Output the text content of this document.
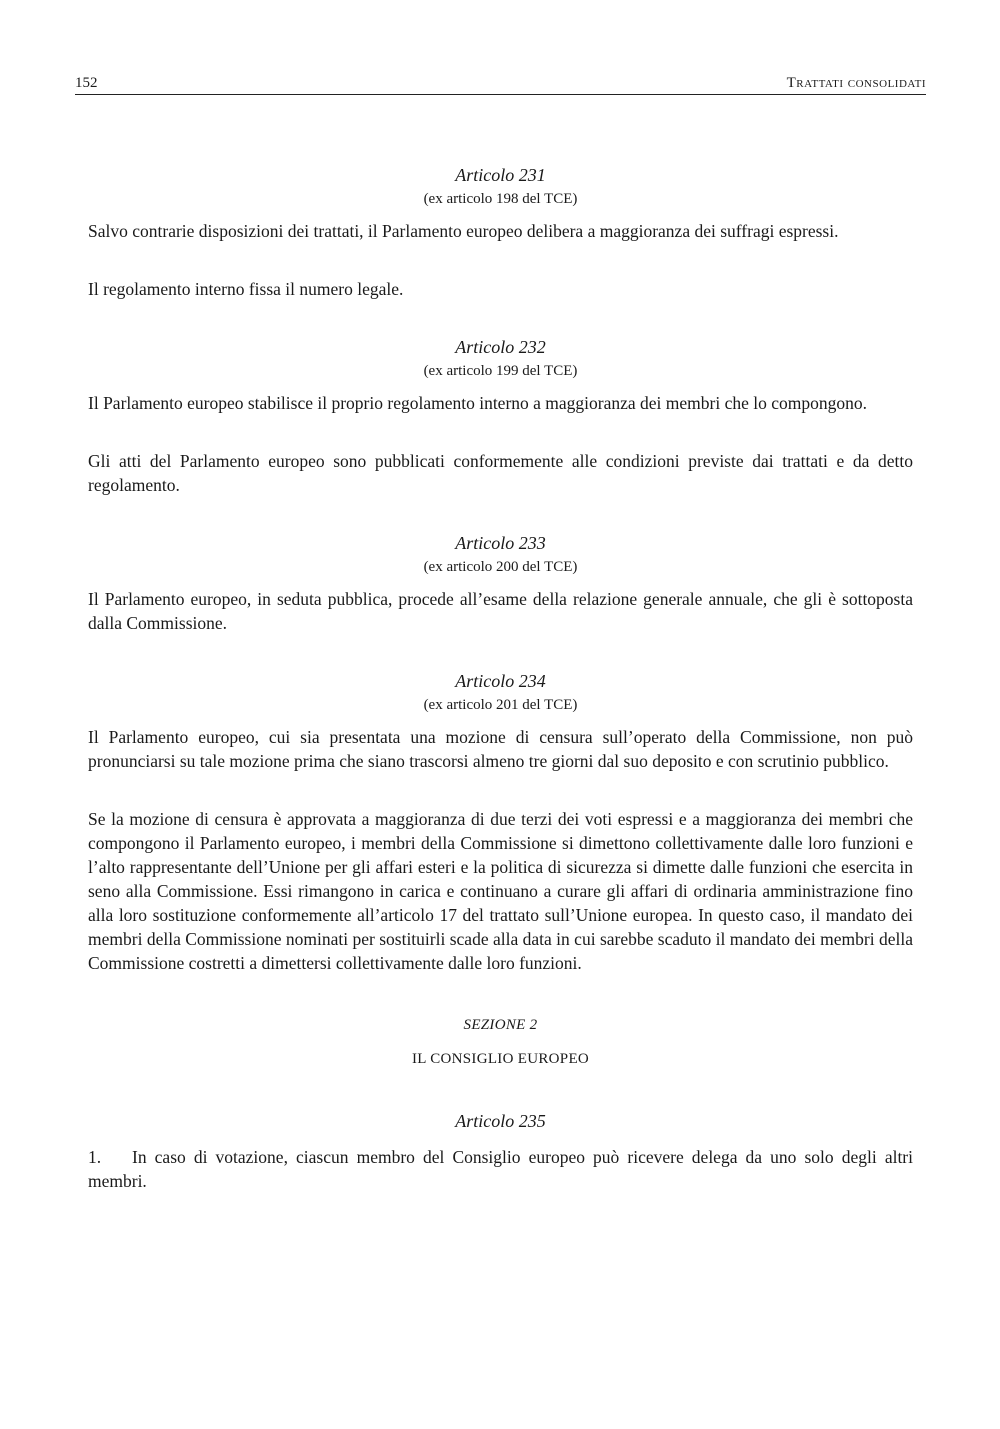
152	Trattati consolidati

Articolo 231

(ex articolo 198 del TCE)

Salvo contrarie disposizioni dei trattati, il Parlamento europeo delibera a maggioranza dei suffragi espressi.

Il regolamento interno fissa il numero legale.

Articolo 232

(ex articolo 199 del TCE)

Il Parlamento europeo stabilisce il proprio regolamento interno a maggioranza dei membri che lo compongono.

Gli atti del Parlamento europeo sono pubblicati conformemente alle condizioni previste dai trattati e da detto regolamento.

Articolo 233

(ex articolo 200 del TCE)

Il Parlamento europeo, in seduta pubblica, procede all’esame della relazione generale annuale, che gli è sottoposta dalla Commissione.

Articolo 234

(ex articolo 201 del TCE)

Il Parlamento europeo, cui sia presentata una mozione di censura sull’operato della Commissione, non può pronunciarsi su tale mozione prima che siano trascorsi almeno tre giorni dal suo deposito e con scrutinio pubblico.

Se la mozione di censura è approvata a maggioranza di due terzi dei voti espressi e a maggioranza dei membri che compongono il Parlamento europeo, i membri della Commissione si dimettono collettivamente dalle loro funzioni e l’alto rappresentante dell’Unione per gli affari esteri e la politica di sicurezza si dimette dalle funzioni che esercita in seno alla Commissione. Essi rimangono in carica e continuano a curare gli affari di ordinaria amministrazione fino alla loro sostituzione conformemente all’articolo 17 del trattato sull’Unione europea. In questo caso, il mandato dei membri della Commissione nominati per sostituirli scade alla data in cui sarebbe scaduto il mandato dei membri della Commissione costretti a dimettersi collettivamente dalle loro funzioni.

SEZIONE 2

IL CONSIGLIO EUROPEO

Articolo 235

1. In caso di votazione, ciascun membro del Consiglio europeo può ricevere delega da uno solo degli altri membri.
